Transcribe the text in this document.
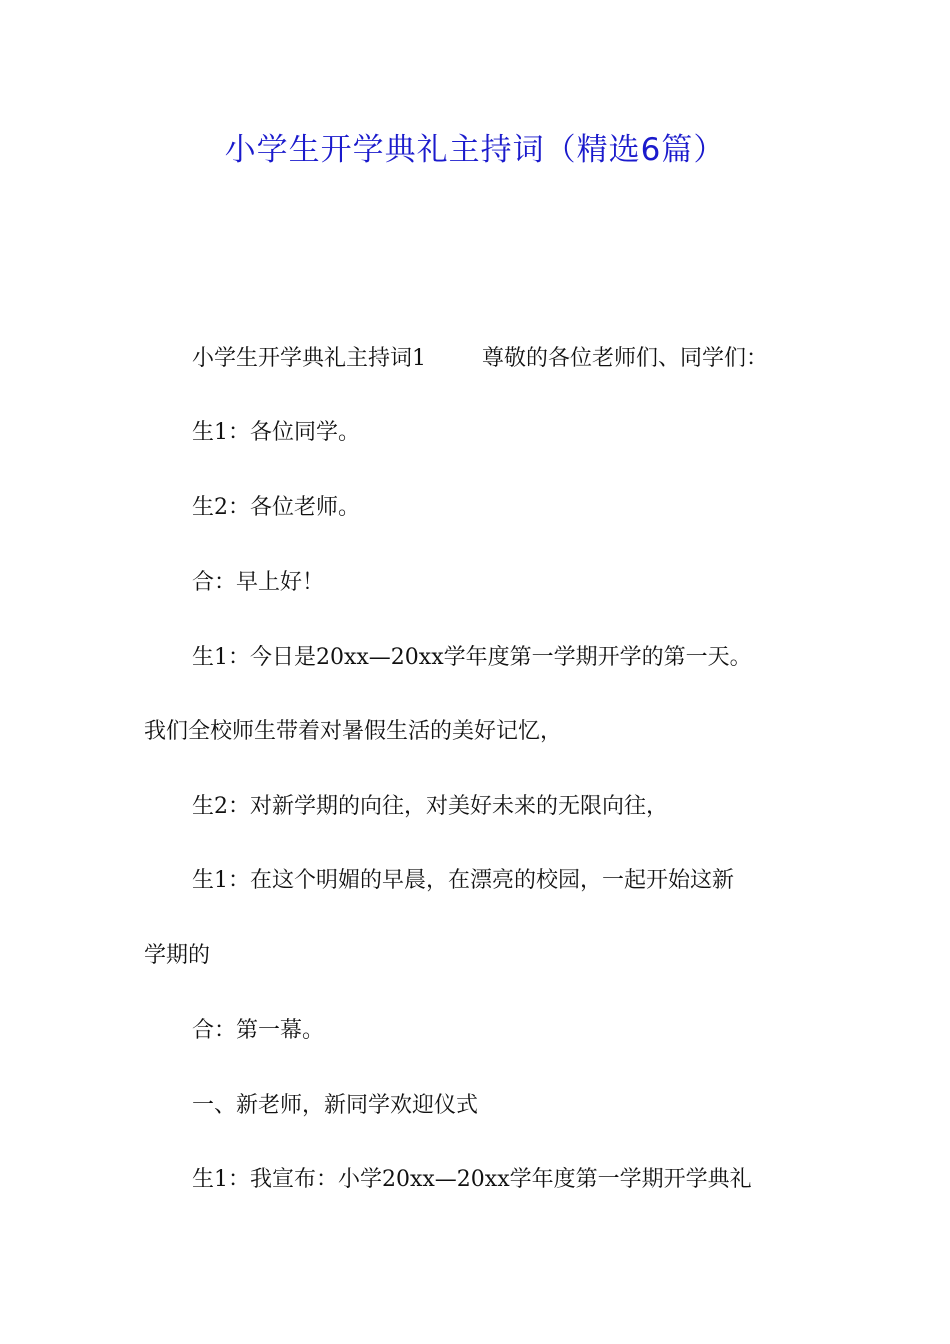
小学生开学典礼主持词（精选6篇）
小学生开学典礼主持词1	尊敬的各位老师们、同学们：
生1：各位同学。
生2：各位老师。
合：早上好！
生1：今日是20xx—20xx学年度第一学期开学的第一天。
我们全校师生带着对暑假生活的美好记忆，
生2：对新学期的向往，对美好未来的无限向往，
生1：在这个明媚的早晨，在漂亮的校园，一起开始这新
学期的
合：第一幕。
一、新老师，新同学欢迎仪式
生1：我宣布：小学20xx—20xx学年度第一学期开学典礼
